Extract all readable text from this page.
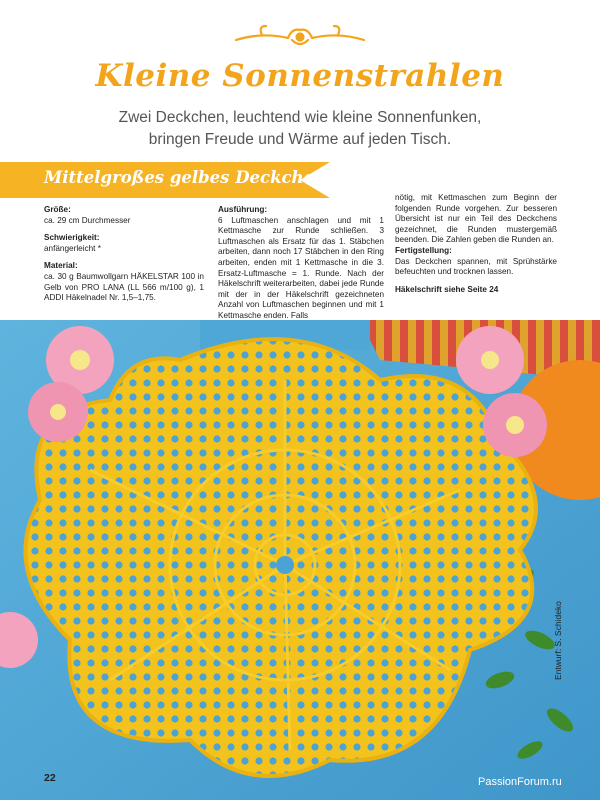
Kleine Sonnenstrahlen
Zwei Deckchen, leuchtend wie kleine Sonnenfunken,
bringen Freude und Wärme auf jeden Tisch.
Mittelgroßes gelbes Deckchen
Größe:
ca. 29 cm Durchmesser
Schwierigkeit:
anfängerleicht *
Material:

ca. 30 g Baumwollgarn HÄKELSTAR 100 in Gelb von PRO LANA (LL 566 m/100 g), 1 ADDI Häkelnadel Nr. 1,5–1,75.

Ausführung:

6 Luftmaschen anschlagen und mit 1 Kettmasche zur Runde schließen. 3 Luftmaschen als Ersatz für das 1. Stäbchen arbeiten, dann noch 17 Stäbchen in den Ring arbeiten, enden mit 1 Kettmasche in die 3. Ersatz-Luftmasche = 1. Runde. Nach der Häkelschrift weiterarbeiten, dabei jede Runde mit der in der Häkelschrift gezeichneten Anzahl von Luftmaschen beginnen und mit 1 Kettmasche enden. Falls

nötig, mit Kettmaschen zum Beginn der folgenden Runde vorgehen. Zur besseren Übersicht ist nur ein Teil des Deckchens gezeichnet, die Runden mustergemäß beenden. Die Zahlen geben die Runden an.

Fertigstellung:

Das Deckchen spannen, mit Sprühstärke befeuchten und trocknen lassen.

Häkelschrift siehe Seite 24
Entwurf: S. Schideko
22	PassionForum.ru
